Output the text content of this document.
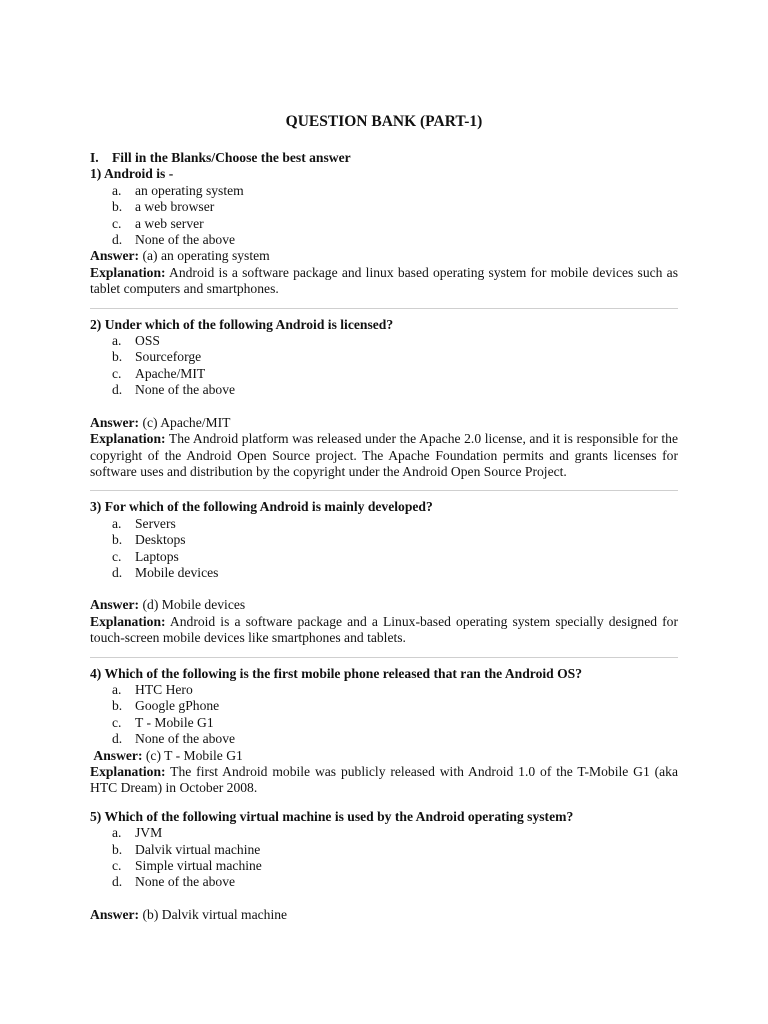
QUESTION BANK (PART-1)

I. Fill in the Blanks/Choose the best answer

1) Android is -

a. an operating system
b. a web browser
c. a web server
d. None of the above

Answer: (a) an operating system

Explanation: Android is a software package and linux based operating system for mobile devices such as tablet computers and smartphones.

2) Under which of the following Android is licensed?

a. OSS
b. Sourceforge
c. Apache/MIT
d. None of the above

Answer: (c) Apache/MIT

Explanation: The Android platform was released under the Apache 2.0 license, and it is responsible for the copyright of the Android Open Source project. The Apache Foundation permits and grants licenses for software uses and distribution by the copyright under the Android Open Source Project.

3) For which of the following Android is mainly developed?

a. Servers
b. Desktops
c. Laptops
d. Mobile devices

Answer: (d) Mobile devices

Explanation: Android is a software package and a Linux-based operating system specially designed for touch-screen mobile devices like smartphones and tablets.

4) Which of the following is the first mobile phone released that ran the Android OS?

a. HTC Hero
b. Google gPhone
c. T - Mobile G1
d. None of the above

Answer: (c) T - Mobile G1

Explanation: The first Android mobile was publicly released with Android 1.0 of the T-Mobile G1 (aka HTC Dream) in October 2008.

5) Which of the following virtual machine is used by the Android operating system?

a. JVM
b. Dalvik virtual machine
c. Simple virtual machine
d. None of the above

Answer: (b) Dalvik virtual machine
